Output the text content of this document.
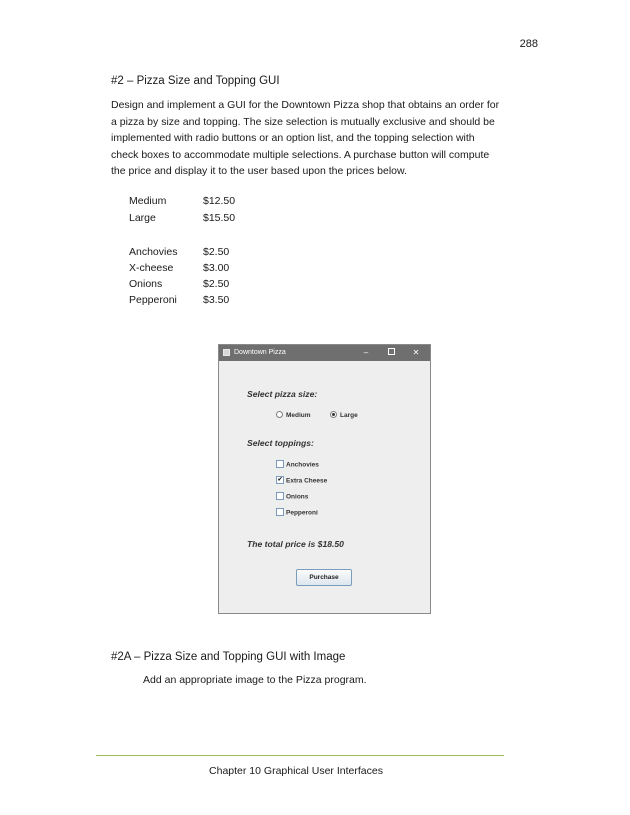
288
#2 – Pizza Size and Topping GUI

Design and implement a GUI for the Downtown Pizza shop that obtains an order for
a pizza by size and topping. The size selection is mutually exclusive and should be
implemented with radio buttons or an option list, and the topping selection with
check boxes to accommodate multiple selections. A purchase button will compute
the price and display it to the user based upon the prices below.

Medium	$12.50
Large	$15.50
Anchovies $2.50
X-cheese	$3.00
Onions	$2.50
Pepperoni $3.50
Downtown Pizza	–	✕
Select pizza size:
Medium	Large
Select toppings:
Anchovies
✔ Extra Cheese
Onions
Pepperoni
The total price is $18.50
Purchase
#2A – Pizza Size and Topping GUI with Image
Add an appropriate image to the Pizza program.
Chapter 10 Graphical User Interfaces
